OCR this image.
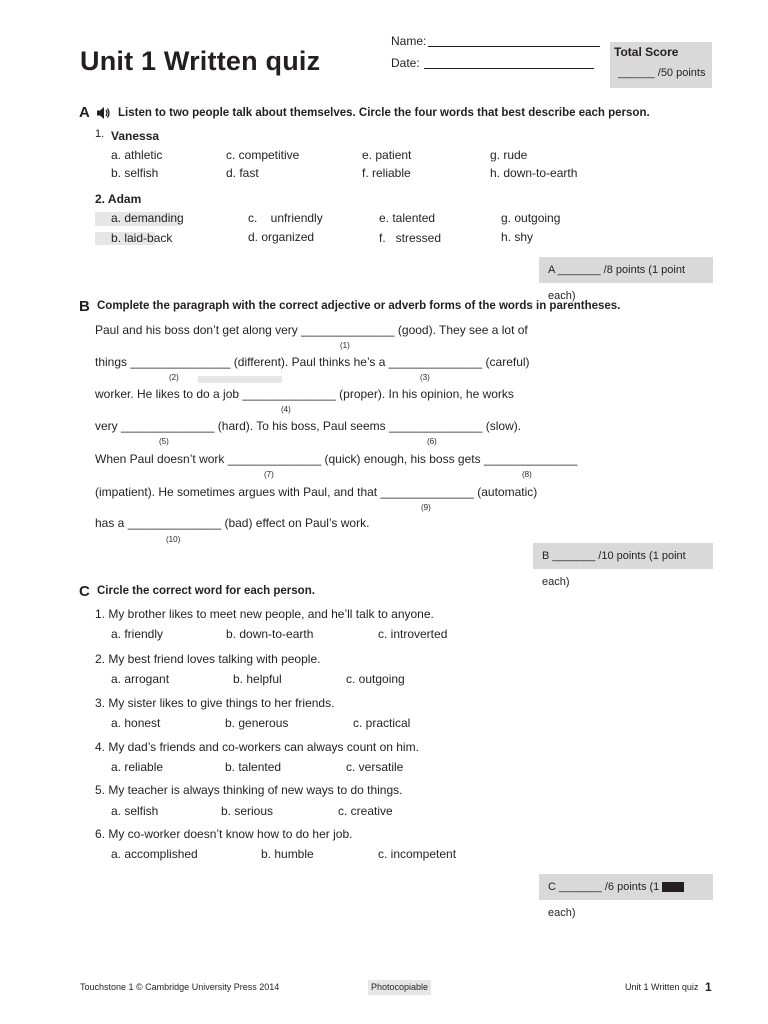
Unit 1 Written quiz
Name:
Date:
Total Score
______ /50 points
A Listen to two people talk about themselves. Circle the four words that best describe each person.
1. Vanessa
a. athletic	c. competitive	e. patient	g. rude
b. selfish	d. fast	f. reliable	h. down-to-earth
2. Adam
a. demanding	c.    unfriendly	e. talented	g. outgoing
b. laid-back	d. organized	f.   stressed	h. shy
A _______ /8 points (1 point each)
B Complete the paragraph with the correct adjective or adverb forms of the words in parentheses.
Paul and his boss don’t get along very ______________ (good). They see a lot of
(1)
things _______________ (different). Paul thinks he’s a ______________ (careful)
(2)	(3)
worker. He likes to do a job ______________ (proper). In his opinion, he works
(4)
very ______________ (hard). To his boss, Paul seems ______________ (slow).
(5)	(6)
When Paul doesn’t work ______________ (quick) enough, his boss gets ______________
(7)	(8)
(impatient). He sometimes argues with Paul, and that ______________ (automatic)
(9)
has a ______________ (bad) effect on Paul’s work.
(10)
B _______ /10 points (1 point each)
C Circle the correct word for each person.
1. My brother likes to meet new people, and he’ll talk to anyone.
a. friendly	b. down-to-earth	c. introverted
2. My best friend loves talking with people.
a. arrogant	b. helpful	c. outgoing
3. My sister likes to give things to her friends.
a. honest	b. generous	c. practical
4. My dad’s friends and co-workers can always count on him.
a. reliable	b. talented	c. versatile
5. My teacher is always thinking of new ways to do things.
a. selfish	b. serious	c. creative
6. My co-worker doesn’t know how to do her job.
a. accomplished	b. humble	c. incompetent
C _______ /6 points (1  each)
Touchstone 1 © Cambridge University Press 2014	Photocopiable	Unit 1 Written quiz 1
